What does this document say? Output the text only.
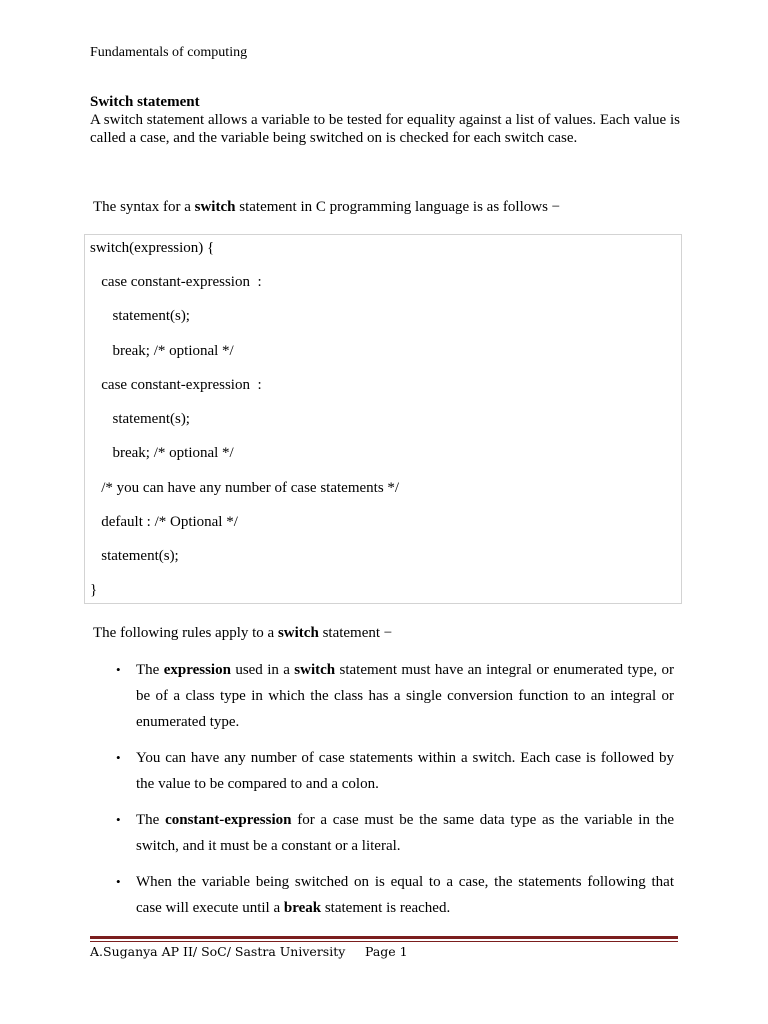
Fundamentals of computing
Switch statement
A switch statement allows a variable to be tested for equality against a list of values. Each value is called a case, and the variable being switched on is checked for each switch case.
The syntax for a switch statement in C programming language is as follows −
switch(expression) {
case constant-expression  :
statement(s);
break; /* optional */
case constant-expression  :
statement(s);
break; /* optional */
/* you can have any number of case statements */
default : /* Optional */
statement(s);
}
The following rules apply to a switch statement −
• The expression used in a switch statement must have an integral or enumerated type, or be of a class type in which the class has a single conversion function to an integral or enumerated type.
• You can have any number of case statements within a switch. Each case is followed by the value to be compared to and a colon.
• The constant-expression for a case must be the same data type as the variable in the switch, and it must be a constant or a literal.
• When the variable being switched on is equal to a case, the statements following that case will execute until a break statement is reached.
A.Suganya AP II/ SoC/ Sastra University Page 1
